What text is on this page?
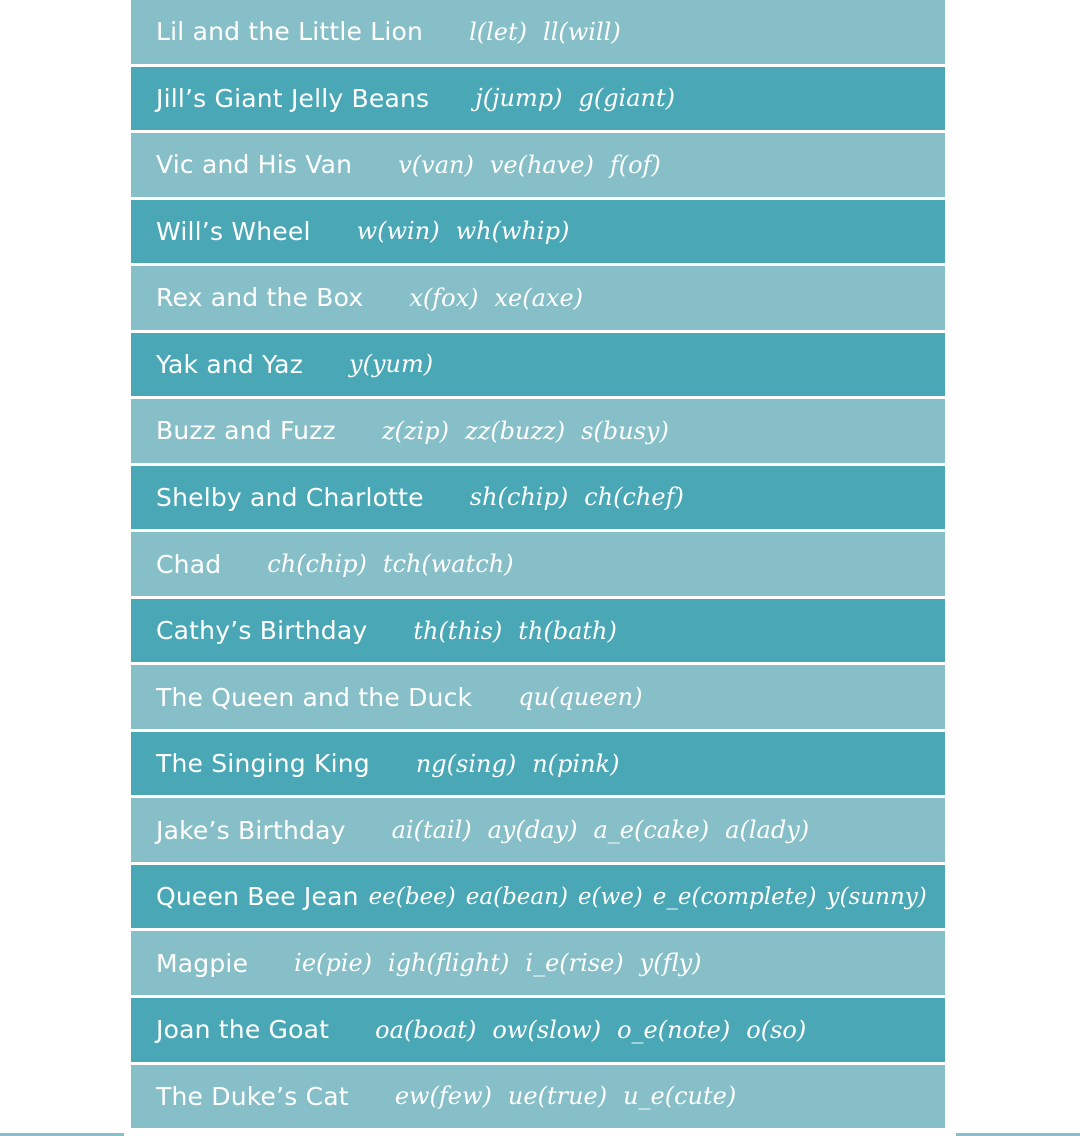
Lil and the Little Lion l(let) ll(will)
Jill’s Giant Jelly Beans j(jump) g(giant)
Vic and His Van v(van) ve(have) f(of)
Will’s Wheel w(win) wh(whip)
Rex and the Box x(fox) xe(axe)
Yak and Yaz y(yum)
Buzz and Fuzz z(zip) zz(buzz) s(busy)
Shelby and Charlotte sh(chip) ch(chef)
Chad ch(chip) tch(watch)
Cathy’s Birthday th(this) th(bath)
The Queen and the Duck qu(queen)
The Singing King ng(sing) n(pink)
Jake’s Birthday ai(tail) ay(day) a_e(cake) a(lady)
Queen Bee Jean ee(bee) ea(bean) e(we) e_e(complete) y(sunny)
Magpie ie(pie) igh(flight) i_e(rise) y(fly)
Joan the Goat oa(boat) ow(slow) o_e(note) o(so)
The Duke’s Cat ew(few) ue(true) u_e(cute)
